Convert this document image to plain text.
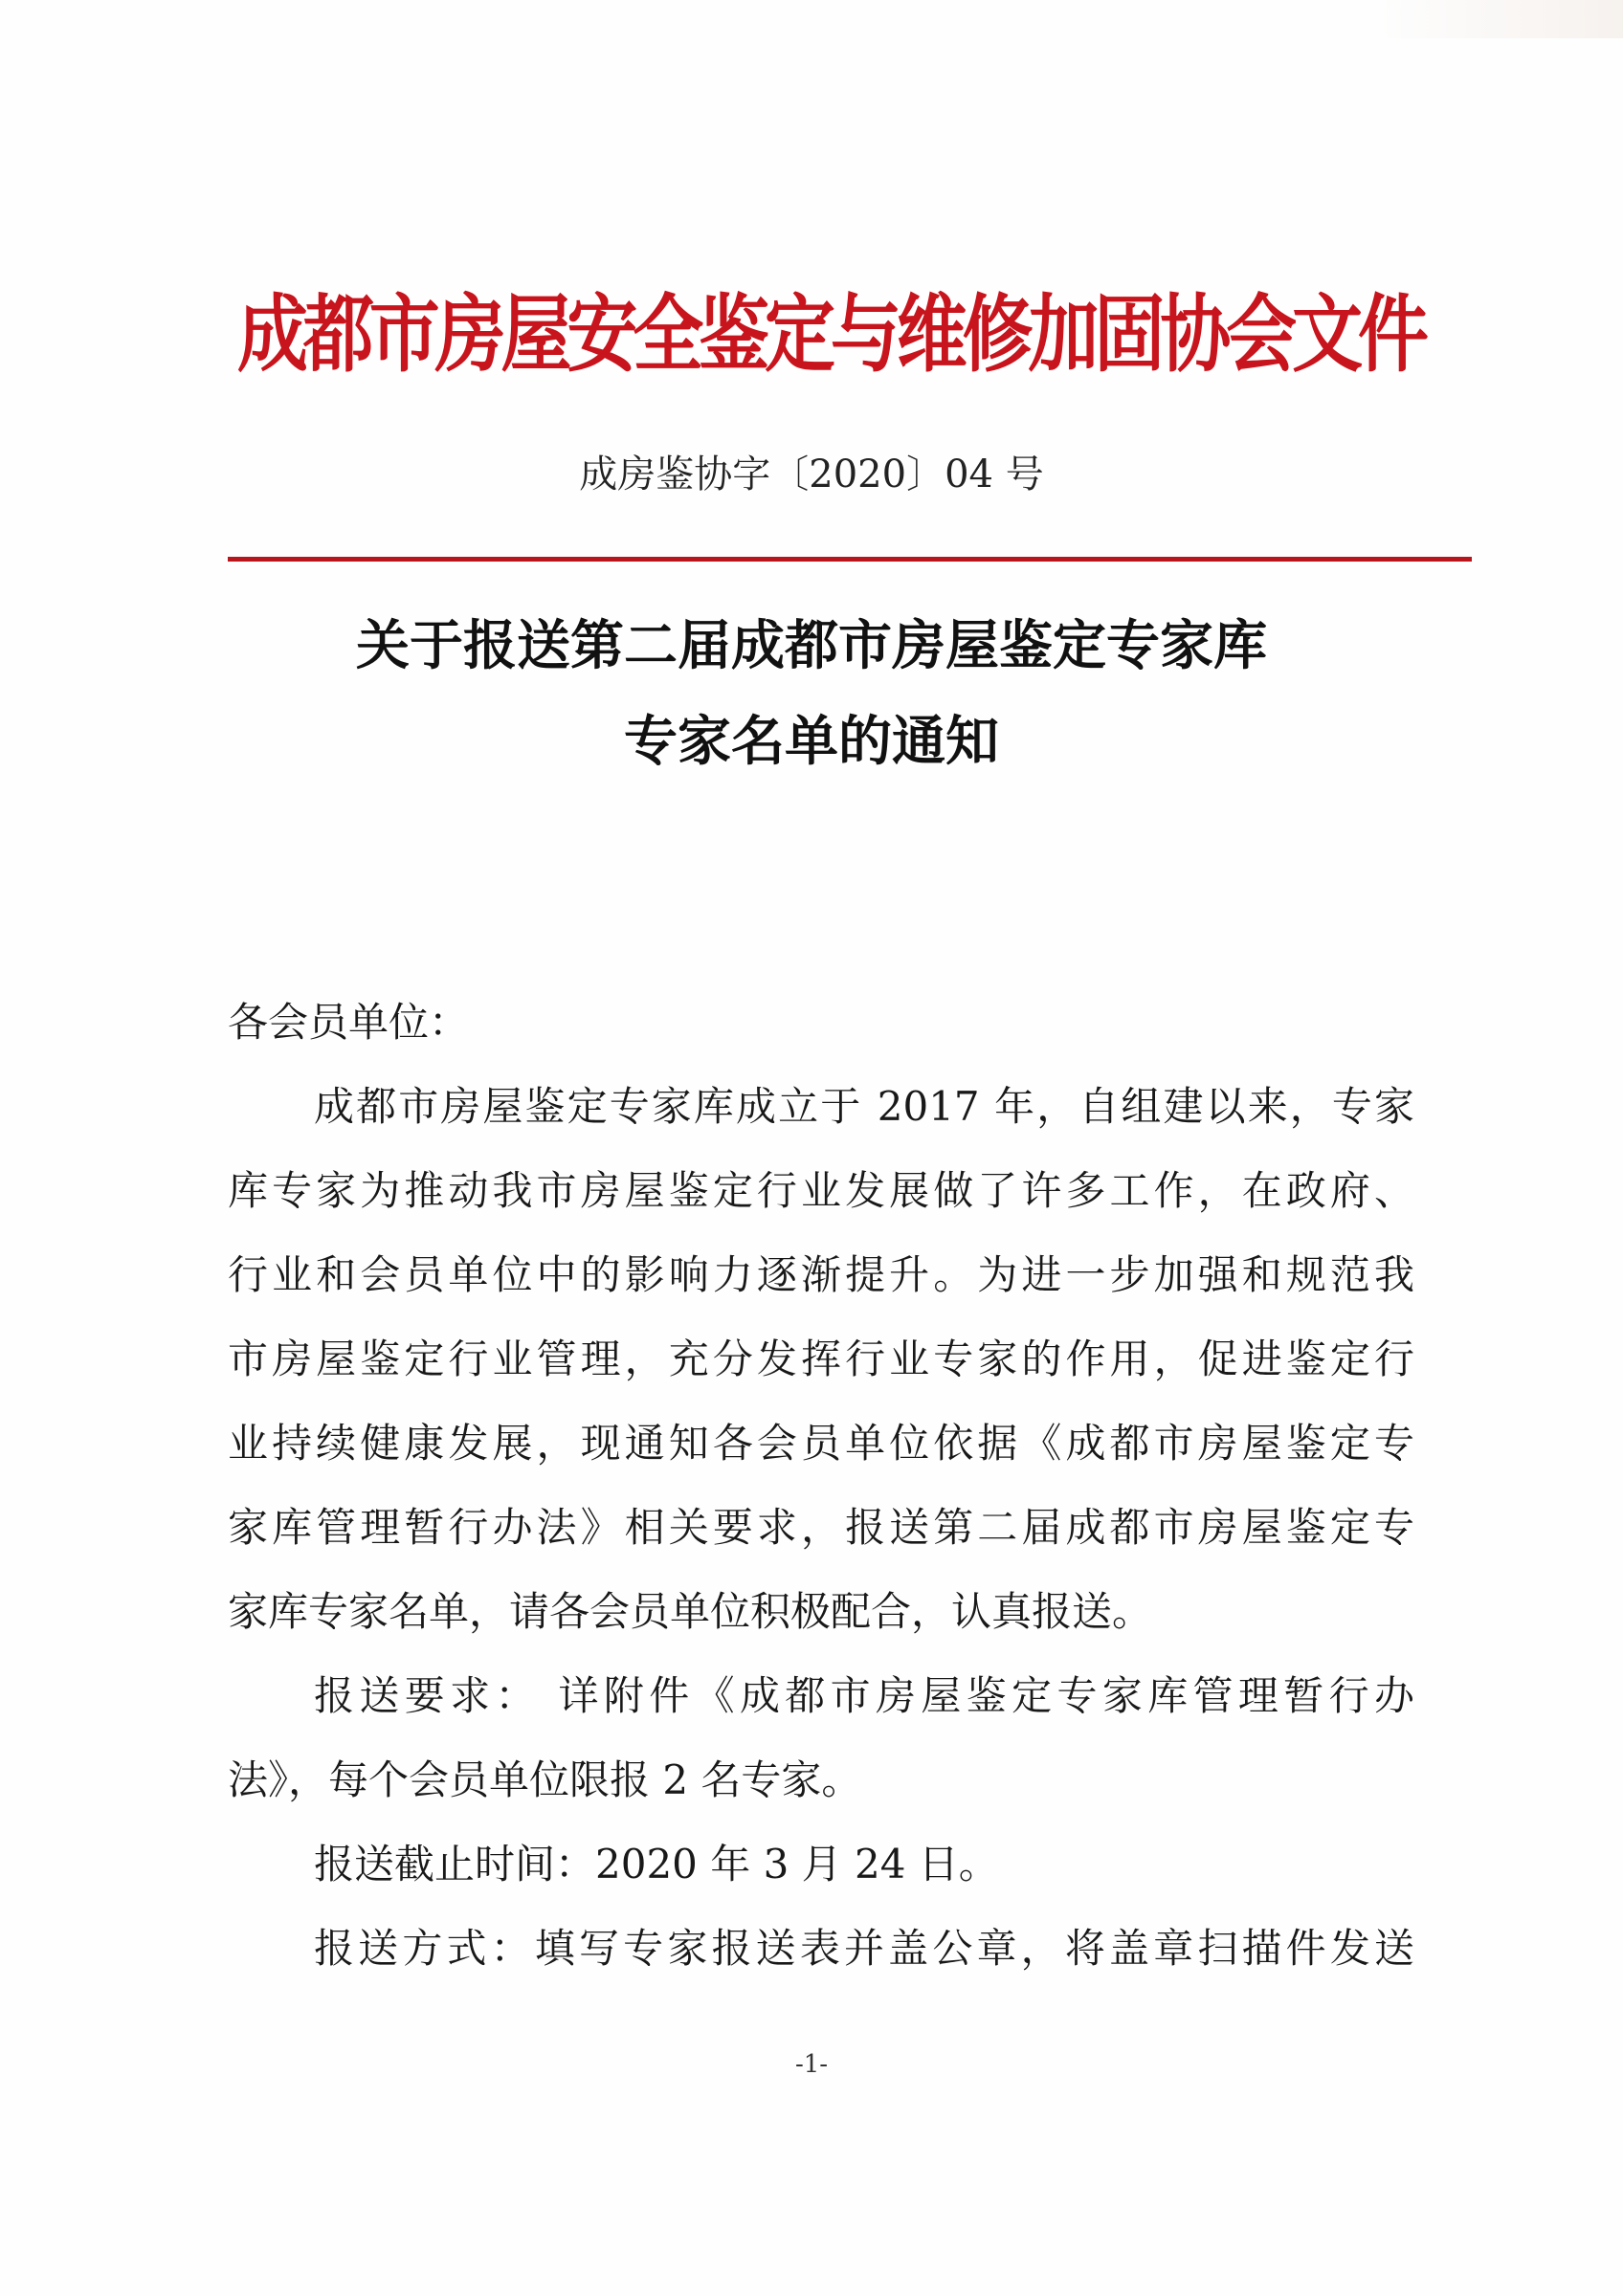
成都市房屋安全鉴定与维修加固协会文件
成房鉴协字〔2020〕04 号
关于报送第二届成都市房屋鉴定专家库
专家名单的通知
各会员单位：
成都市房屋鉴定专家库成立于 2017 年，自组建以来，专家
库专家为推动我市房屋鉴定行业发展做了许多工作，在政府、
行业和会员单位中的影响力逐渐提升。为进一步加强和规范我
市房屋鉴定行业管理，充分发挥行业专家的作用，促进鉴定行
业持续健康发展，现通知各会员单位依据《成都市房屋鉴定专
家库管理暂行办法》相关要求，报送第二届成都市房屋鉴定专
家库专家名单，请各会员单位积极配合，认真报送。
报送要求： 详附件《成都市房屋鉴定专家库管理暂行办
法》，每个会员单位限报 2 名专家。
报送截止时间：2020 年 3 月 24 日。
报送方式：填写专家报送表并盖公章，将盖章扫描件发送
-1-
